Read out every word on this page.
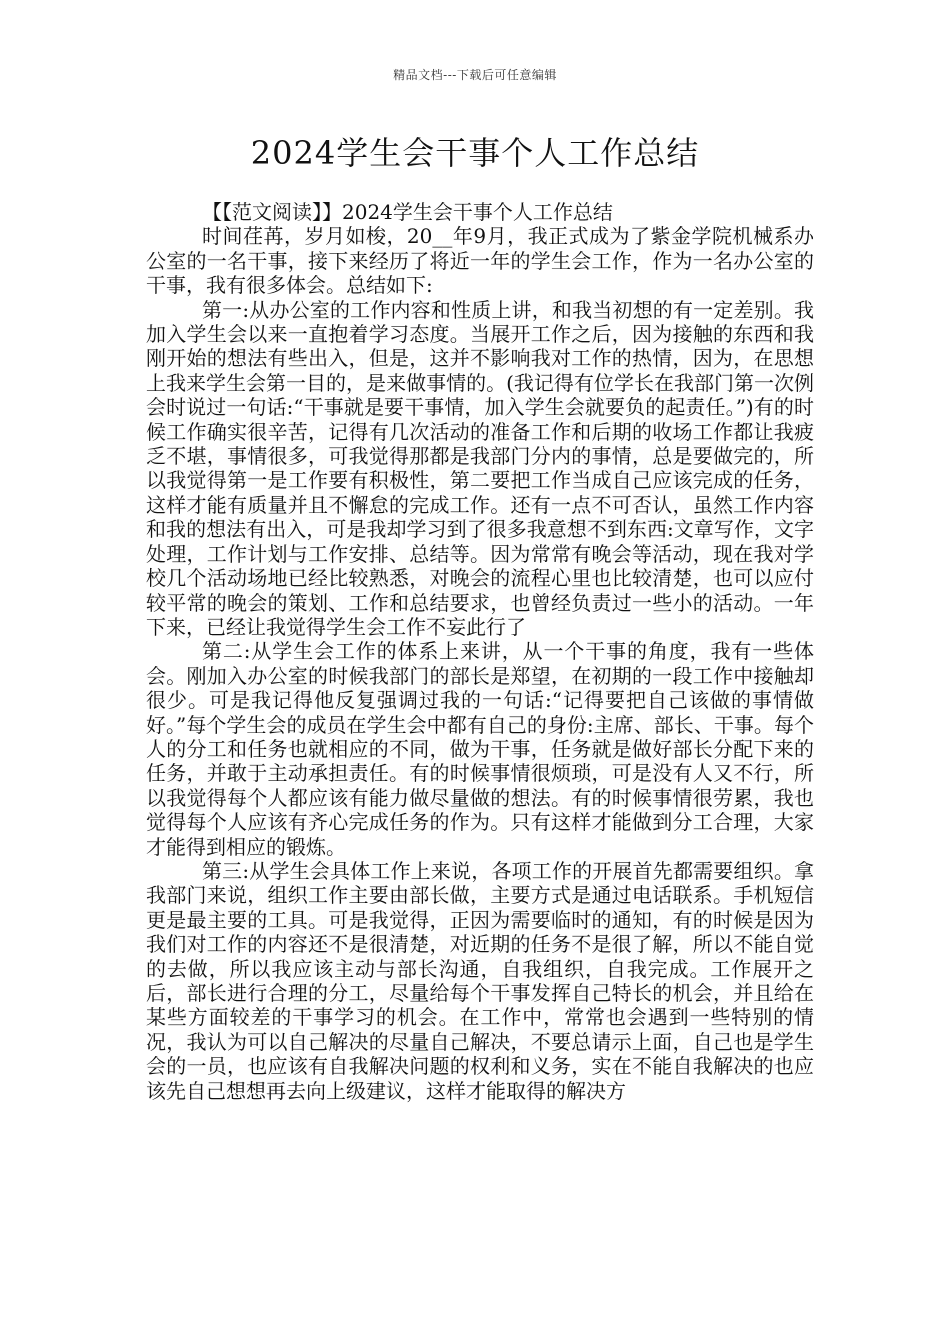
精品文档---下载后可任意编辑
2024学生会干事个人工作总结

【【范文阅读】】2024学生会干事个人工作总结

时间荏苒，岁月如梭，20__年9月，我正式成为了紫金学院机械系办公室的一名干事，接下来经历了将近一年的学生会工作，作为一名办公室的干事，我有很多体会。总结如下:

第一:从办公室的工作内容和性质上讲，和我当初想的有一定差别。我加入学生会以来一直抱着学习态度。当展开工作之后，因为接触的东西和我刚开始的想法有些出入，但是，这并不影响我对工作的热情，因为，在思想上我来学生会第一目的，是来做事情的。(我记得有位学长在我部门第一次例会时说过一句话:“干事就是要干事情，加入学生会就要负的起责任。”)有的时候工作确实很辛苦，记得有几次活动的准备工作和后期的收场工作都让我疲乏不堪，事情很多，可我觉得那都是我部门分内的事情，总是要做完的，所以我觉得第一是工作要有积极性，第二要把工作当成自己应该完成的任务，这样才能有质量并且不懈怠的完成工作。还有一点不可否认，虽然工作内容和我的想法有出入，可是我却学习到了很多我意想不到东西:文章写作，文字处理，工作计划与工作安排、总结等。因为常常有晚会等活动，现在我对学校几个活动场地已经比较熟悉，对晚会的流程心里也比较清楚，也可以应付较平常的晚会的策划、工作和总结要求，也曾经负责过一些小的活动。一年下来，已经让我觉得学生会工作不妄此行了

第二:从学生会工作的体系上来讲，从一个干事的角度，我有一些体会。刚加入办公室的时候我部门的部长是郑望，在初期的一段工作中接触却很少。可是我记得他反复强调过我的一句话:“记得要把自己该做的事情做好。”每个学生会的成员在学生会中都有自己的身份:主席、部长、干事。每个人的分工和任务也就相应的不同，做为干事，任务就是做好部长分配下来的任务，并敢于主动承担责任。有的时候事情很烦琐，可是没有人又不行，所以我觉得每个人都应该有能力做尽量做的想法。有的时候事情很劳累，我也觉得每个人应该有齐心完成任务的作为。只有这样才能做到分工合理，大家才能得到相应的锻炼。

第三:从学生会具体工作上来说，各项工作的开展首先都需要组织。拿我部门来说，组织工作主要由部长做，主要方式是通过电话联系。手机短信更是最主要的工具。可是我觉得，正因为需要临时的通知，有的时候是因为我们对工作的内容还不是很清楚，对近期的任务不是很了解，所以不能自觉的去做，所以我应该主动与部长沟通，自我组织，自我完成。工作展开之后，部长进行合理的分工，尽量给每个干事发挥自己特长的机会，并且给在某些方面较差的干事学习的机会。在工作中，常常也会遇到一些特别的情况，我认为可以自己解决的尽量自己解决，不要总请示上面，自己也是学生会的一员，也应该有自我解决问题的权利和义务，实在不能自我解决的也应该先自己想想再去向上级建议，这样才能取得的解决方
